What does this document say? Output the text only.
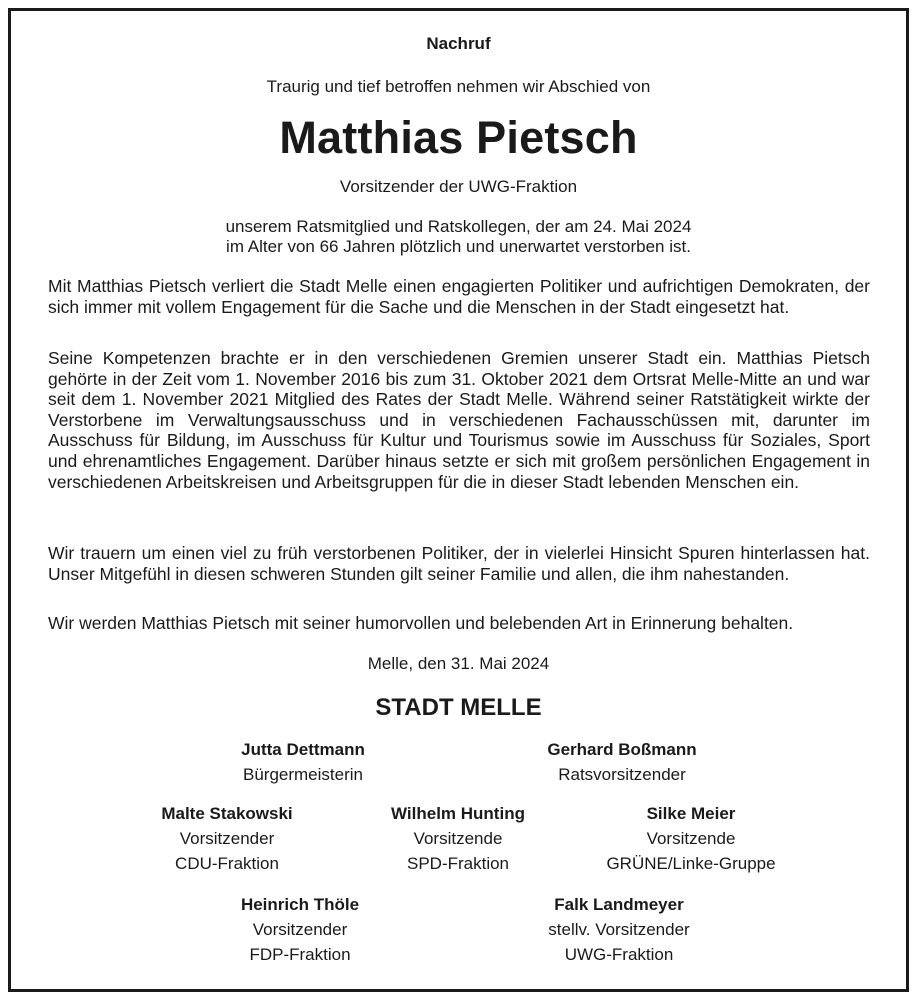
Nachruf
Traurig und tief betroffen nehmen wir Abschied von
Matthias Pietsch
Vorsitzender der UWG-Fraktion
unserem Ratsmitglied und Ratskollegen, der am 24. Mai 2024
im Alter von 66 Jahren plötzlich und unerwartet verstorben ist.

Mit Matthias Pietsch verliert die Stadt Melle einen engagierten Politiker und aufrichtigen Demokraten, der sich immer mit vollem Engagement für die Sache und die Menschen in der Stadt eingesetzt hat.

Seine Kompetenzen brachte er in den verschiedenen Gremien unserer Stadt ein. Matthias Pietsch gehörte in der Zeit vom 1. November 2016 bis zum 31. Oktober 2021 dem Ortsrat Melle-Mitte an und war seit dem 1. November 2021 Mitglied des Rates der Stadt Melle. Während seiner Ratstätigkeit wirkte der Verstorbene im Verwaltungsausschuss und in verschiedenen Fachausschüssen mit, darunter im Ausschuss für Bildung, im Ausschuss für Kultur und Tourismus sowie im Ausschuss für Soziales, Sport und ehrenamtliches Engagement. Darüber hinaus setzte er sich mit großem persönlichen Engagement in verschiedenen Arbeitskreisen und Arbeitsgruppen für die in dieser Stadt lebenden Menschen ein.

Wir trauern um einen viel zu früh verstorbenen Politiker, der in vielerlei Hinsicht Spuren hinterlassen hat. Unser Mitgefühl in diesen schweren Stunden gilt seiner Familie und allen, die ihm nahestanden.

Wir werden Matthias Pietsch mit seiner humorvollen und belebenden Art in Erinnerung behalten.

Melle, den 31. Mai 2024
STADT MELLE
Jutta Dettmann
Bürgermeisterin
Gerhard Boßmann
Ratsvorsitzender
Malte Stakowski
Vorsitzender
CDU-Fraktion
Wilhelm Hunting
Vorsitzende
SPD-Fraktion
Silke Meier
Vorsitzende
GRÜNE/Linke-Gruppe
Heinrich Thöle
Vorsitzender
FDP-Fraktion
Falk Landmeyer
stellv. Vorsitzender
UWG-Fraktion
